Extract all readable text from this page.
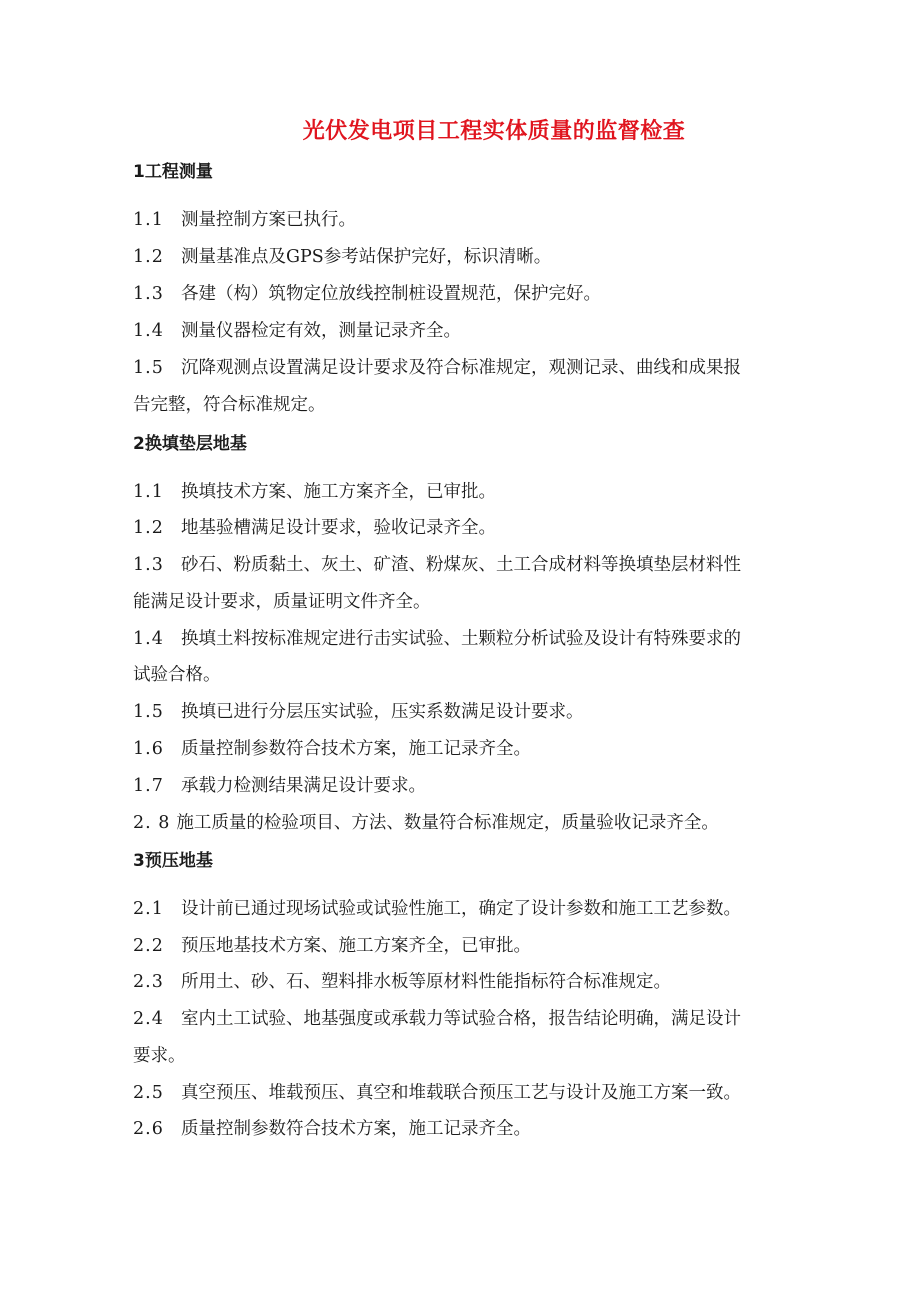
光伏发电项目工程实体质量的监督检查
1工程测量
1.1 测量控制方案已执行。
1.2 测量基准点及GPS参考站保护完好，标识清晰。
1.3 各建（构）筑物定位放线控制桩设置规范，保护完好。
1.4 测量仪器检定有效，测量记录齐全。
1.5 沉降观测点设置满足设计要求及符合标准规定，观测记录、曲线和成果报
告完整，符合标准规定。
2换填垫层地基
1.1 换填技术方案、施工方案齐全，已审批。
1.2 地基验槽满足设计要求，验收记录齐全。
1.3 砂石、粉质黏土、灰土、矿渣、粉煤灰、土工合成材料等换填垫层材料性
能满足设计要求，质量证明文件齐全。
1.4 换填土料按标准规定进行击实试验、土颗粒分析试验及设计有特殊要求的
试验合格。
1.5 换填已进行分层压实试验，压实系数满足设计要求。
1.6 质量控制参数符合技术方案，施工记录齐全。
1.7 承载力检测结果满足设计要求。
2. 8 施工质量的检验项目、方法、数量符合标准规定，质量验收记录齐全。
3预压地基
2.1 设计前已通过现场试验或试验性施工，确定了设计参数和施工工艺参数。
2.2 预压地基技术方案、施工方案齐全，已审批。
2.3 所用土、砂、石、塑料排水板等原材料性能指标符合标准规定。
2.4 室内土工试验、地基强度或承载力等试验合格，报告结论明确，满足设计
要求。
2.5 真空预压、堆载预压、真空和堆载联合预压工艺与设计及施工方案一致。
2.6 质量控制参数符合技术方案，施工记录齐全。
